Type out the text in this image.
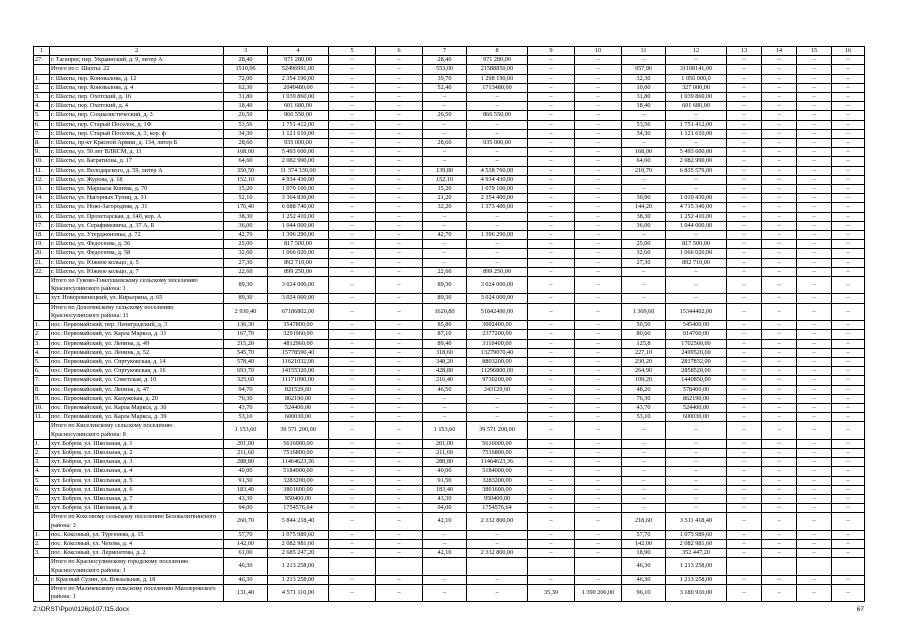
1	2	3	4	5	6	7	8	9	10	11	12	13	14	15	16
27.	г. Таганрог, пер. Украинский, д. 9, литер А	28,40	971 280,00	–	–	28,40	971 280,00	–	–	–	–	–	–	–	–
	Итого по г. Шахты: 22	1510,96	52496991,00	–	–	553,00	21588850,00	–	–	957,96	31108141,00	–	–	–	–
1.	г. Шахты, пер. Коновалова, д. 12	72,00	2 354 190,00	–	–	39,70	1 298 190,00	–	–	32,30	1 056 000,0	–	–	–	–
2.	г. Шахты, пер. Коновалова, д. 4	62,30	2040480,00	–	–	52,40	1713480,00	–	–	10,00	327 000,00	–	–	–	–
3.	г. Шахты, пер. Охотский, д. 16	31,80	1 039 860,00	–	–	–	–	–	–	31,80	1 039 860,00	–	–	–	–
4.	г. Шахты, пер. Охотский, д. 4	18,40	601 680,00	–	–	–	–	–	–	18,40	601 680,00	–	–	–	–
5.	г. Шахты, пер. Социалистический, д. 3	26,50	866 550,00	–	–	26,50	866 550,00	–	–	–	–	–	–	–	–
6.	г. Шахты, пер. Старый Поселок, д. 1Ф	53,56	1 751 412,00	–	–	–	–	–	–	53,56	1 751 412,00	–	–	–	–
7.	г. Шахты, пер. Старый Поселок, д. 3, кор. ф	34,30	1 121 610,00	–	–	–	–	–	–	34,30	1 121 610,00	–	–	–	–
8.	г. Шахты, пр-кт Красной Армии, д. 134, литер Б	28,60	935 000,00	–	–	28,60	935 000,00	–	–	–	–	–	–	–	–
9.	г. Шахты, ул. 50 лет ВЛКСМ, д. 11	168,00	5 493 600,00	–	–	–	–	–	–	168,00	5 493 600,00	–	–	–	–
10.	г. Шахты, ул. Багратиона, д. 17	64,60	2 082 990,00	–	–	–	–	–	–	64,60	2 082 990,00	–	–	–	–
11.	г. Шахты, ул. Володарского, д. 59, литер А	350,50	11 374 339,00	–	–	139,80	4 538 760,00	–	–	210,70	6 835 579,00	–	–	–	–
12.	г. Шахты, ул. Журова, д. 18	152,10	4 934 430,00	–	–	152,10	4 934 430,00	–	–	–	–	–	–	–	–
13.	г. Шахты, ул. Маршала Конева, д. 70	15,20	1 079 100,00	–	–	15,20	1 079 100,00	–	–	–	–	–	–	–	–
14.	г. Шахты, ул. Нагорных Тупиц, д. 31	52,10	3 364 830,00	–	–	21,20	2 354 400,00	–	–	30,90	1 010 430,00	–	–	–	–
15.	г. Шахты, ул. Ново-Загородняя, д. 31	176,40	6 088 740,00	–	–	32,20	1 373 400,00	–	–	144,20	4 715 340,00	–	–	–	–
16.	г. Шахты, ул. Пролетарская, д. 140, кор. А	38,30	1 252 410,00	–	–	–	–	–	–	38,30	1 252 410,00	–	–	–	–
17.	г. Шахты, ул. Серафимовича, д. 37 А, Б	36,00	1 044 000,00	–	–	–	–	–	–	36,00	1 044 000,00	–	–	–	–
18.	г. Шахты, ул. Утерджоновка, д. 72	42,70	1 396 290,00	–	–	42,70	1 396 290,00	–	–	–	–	–	–	–	–
19.	г. Шахты, ул. Федосеева, д. 56	25,00	817 500,00	–	–	–	–	–	–	25,00	817 500,00	–	–	–	–
20.	г. Шахты, ул. Федосеева, д. 58	32,60	1 066 020,00	–	–	–	–	–	–	32,60	1 066 020,00	–	–	–	–
21.	г. Шахты, ул. Южное кольцо, д. 5	27,30	892 710,00	–	–	–	–	–	–	27,30	892 710,00	–	–	–	–
22.	г. Шахты, ул. Южное кольцо, д. 7	22,60	899 250,00	–	–	22,60	899 250,00	–	–	–	–	–	–	–	–
	Итого по Гуково-Гнилушевскому сельскому поселению Красносулинского района: 1	89,30	3 024 000,00	–	–	89,30	3 024 000,00	–	–	–	–	–	–	–	–
1.	хут. Новоровенецкий, ул. Кирьеряна, д. 65	89,30	3 024 000,00	–	–	89,30	3 024 000,00	–	–	–	–	–	–	–	–
	Итого по Долотинскому сельскому поселению Красносулинского района: 11	2 930,40	67186802,00	–	–	1620,80	51842400,00	–	–	1 309,60	15344402,00	–	–	–	–
1.	пос. Первомайский, пер. Лениградский, д. 3	136,30	3547800,00	–	–	85,80	3002400,00	–	–	50,50	545400,00	–	–	–	–
2.	пос. Первомайский, ул. Карла Маркса, д. 31	167,70	3291960,00	–	–	87,10	2377200,00	–	–	80,60	914760,00	–	–	–	–
3.	пос. Первомайский, ул. Ленина, д. 49	215,20	4812960,00	–	–	89,40	3110400,00	–	–	125,8	1702560,00	–	–	–	–
4.	пос. Первомайский, ул. Ленина, д. 52	545,70	15778590,40	–	–	318,60	13279070,40	–	–	227,10	2499520,00	–	–	–	–
5.	пос. Первомайский, ул. Спртуковская, д. 14	578,40	11621032,00	–	–	348,20	8803200,00	–	–	230,20	2817832,00	–	–	–	–
6.	пос. Первомайский, ул. Спртуковская, д. 16	693,70	14155320,00	–	–	428,80	11296800,00	–	–	264,90	2858520,00	–	–	–	–
7.	пос. Первомайский, ул. Советская, д. 10	325,60	11171090,00	–	–	216,40	9730200,00	–	–	109,20	1440850,00	–	–	–	–
8.	пос. Первомайский, ул. Ленина, д. 47	94,70	821529,60	–	–	46,50	243129,60	–	–	48,20	578400,00	–	–	–	–
9.	пос. Первомайский, ул. Калужская, д. 20	76,30	862190,00	–	–	–	–	–	–	76,30	862190,00	–	–	–	–
10.	пос. Первомайский, ул. Карла Маркса, д. 30	43,70	524400,00	–	–	–	–	–	–	43,70	524400,00	–	–	–	–
11.	пос. Первомайский, ул. Карла Маркса, д. 39	53,10	600030,00	–	–	–	–	–	–	53,10	600030,00	–	–	–	–
	Итого по Киселевскому сельскому поселению Красносулинского района: 8	1 153,60	39 571 200,00	–	–	1 153,60	39 571 200,00	–	–	–	–	–	–	–	–
1.	хут. Бобров, ул. Школьная, д. 1	201,00	5616000,00	–	–	201,00	5616000,00	–	–	–	–	–	–	–	–
2.	хут. Бобров, ул. Школьная, д. 2	211,60	7516800,00	–	–	211,60	7516800,00	–	–	–	–	–	–	–	–
3.	хут. Бобров, ул. Школьная, д. 3	288,80	11464623,36	–	–	288,80	11464623,36	–	–	–	–	–	–	–	–
4.	хут. Бобров, ул. Школьная, д. 4	40,00	5184000,00	–	–	40,00	5184000,00	–	–	–	–	–	–	–	–
5.	хут. Бобров, ул. Школьная, д. 5	91,50	3283200,00	–	–	91,50	3283200,00	–	–	–	–	–	–	–	–
6.	хут. Бобров, ул. Школьная, д. 6	183,40	3801600,00	–	–	183,40	3801600,00	–	–	–	–	–	–	–	–
7.	хут. Бобров, ул. Школьная, д. 7	43,30	950400,00	–	–	43,30	950400,00	–	–	–	–	–	–	–	–
8.	хут. Бобров, ул. Школьная, д. 8	94,00	1754576,64	–	–	94,00	1754576,64	–	–	–	–	–	–	–	–
	Итого по Коксовому сельскому поселению Белокалитвинского района: 3	260,70	5 844 218,40	–	–	42,10	2 332 800,00	–	–	218,60	3 511 418,40	–	–	–	–
1.	пос. Коксовый, ул. Тургенева, д. 15	57,70	1 075 989,60	–	–	–	–	–	–	57,70	1 075 989,60	–	–	–	–
2.	пос. Коксовый, ул. Чехова, д. 4	142,00	2 082 981,60	–	–	–	–	–	–	142,00	2 082 981,60	–	–	–	–
3.	пос. Коксовый, ул. Лермонтова, д. 2	61,00	2 685 247,20	–	–	42,10	2 332 800,00	–	–	18,90	352 447,20	–	–	–	–
	Итого по Красносулинскому городскому поселению Красносулинского района: 1	46,30	1 213 258,00							46,30	1 213 258,00				
1.	г. Красный Сулин, ул. Вокзальная, д. 18	46,30	1 213 258,00	–	–	–	–	–	–	46,30	1 213 258,00	–	–	–	–
	Итого по Мальчевскому сельскому поселению Миллеровского района: 1	131,40	4 571 110,00	–	–	–	–	35,30	1 390 200,00	96,10	3 180 910,00	–	–	–	–
Z:\ORST\Ppo\0126p107.f15.docx	67
